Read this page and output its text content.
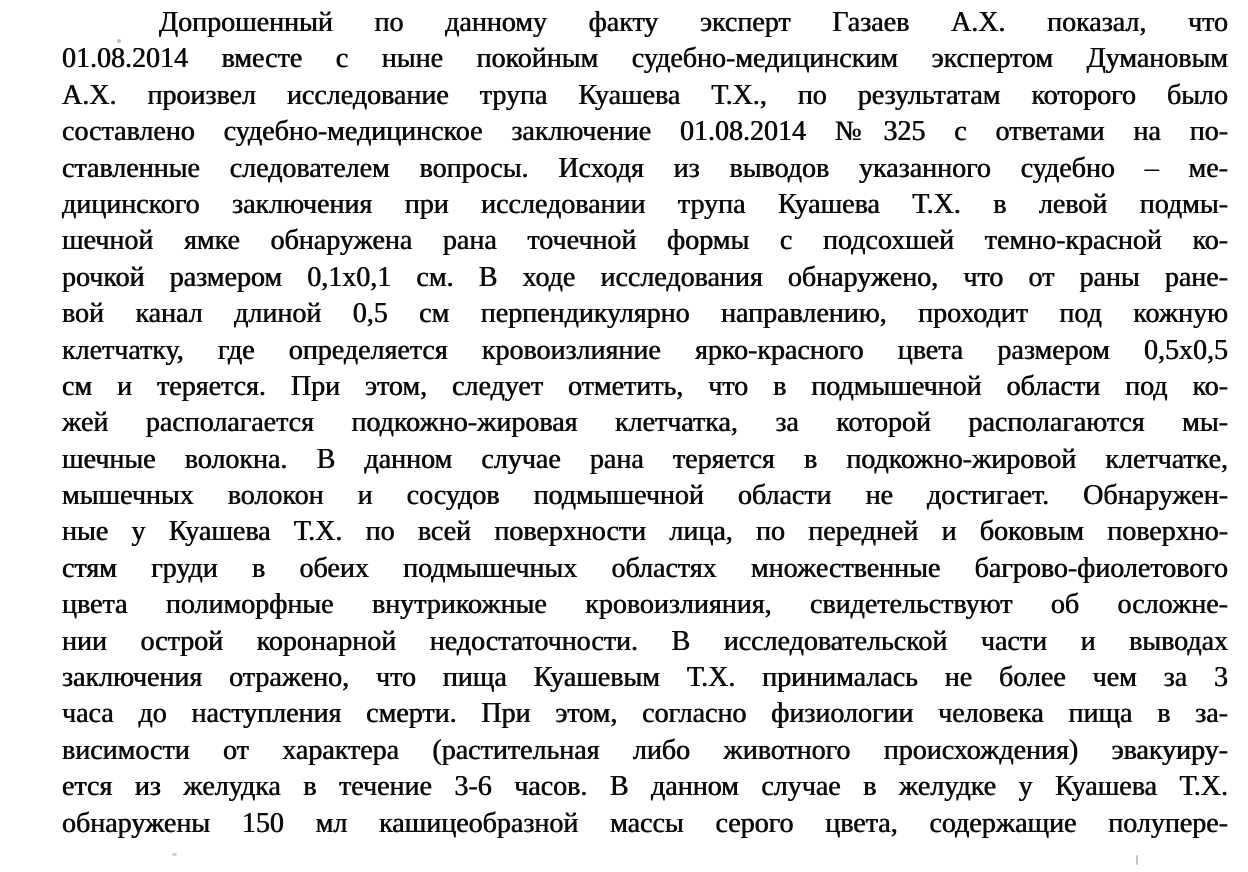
Допрошенный по данному факту эксперт Газаев А.Х. показал, что
01.08.2014 вместе с ныне покойным судебно-медицинским экспертом Думановым
А.Х. произвел исследование трупа Куашева Т.Х., по результатам которого было
составлено судебно-медицинское заключение 01.08.2014 №325 с ответами на по-
ставленные следователем вопросы. Исходя из выводов указанного судебно – ме-
дицинского заключения при исследовании трупа Куашева Т.Х. в левой подмы-
шечной ямке обнаружена рана точечной формы с подсохшей темно-красной ко-
рочкой размером 0,1х0,1 см. В ходе исследования обнаружено, что от раны ране-
вой канал длиной 0,5 см перпендикулярно направлению, проходит под кожную
клетчатку, где определяется кровоизлияние ярко-красного цвета размером 0,5х0,5
см и теряется. При этом, следует отметить, что в подмышечной области под ко-
жей располагается подкожно-жировая клетчатка, за которой располагаются мы-
шечные волокна. В данном случае рана теряется в подкожно-жировой клетчатке,
мышечных волокон и сосудов подмышечной области не достигает. Обнаружен-
ные у Куашева Т.Х. по всей поверхности лица, по передней и боковым поверхно-
стям груди в обеих подмышечных областях множественные багрово-фиолетового
цвета полиморфные внутрикожные кровоизлияния, свидетельствуют об осложне-
нии острой коронарной недостаточности. В исследовательской части и выводах
заключения отражено, что пища Куашевым Т.Х. принималась не более чем за 3
часа до наступления смерти. При этом, согласно физиологии человека пища в за-
висимости от характера (растительная либо животного происхождения) эвакуиру-
ется из желудка в течение 3-6 часов. В данном случае в желудке у Куашева Т.Х.
обнаружены 150 мл кашицеобразной массы серого цвета, содержащие полупере-
